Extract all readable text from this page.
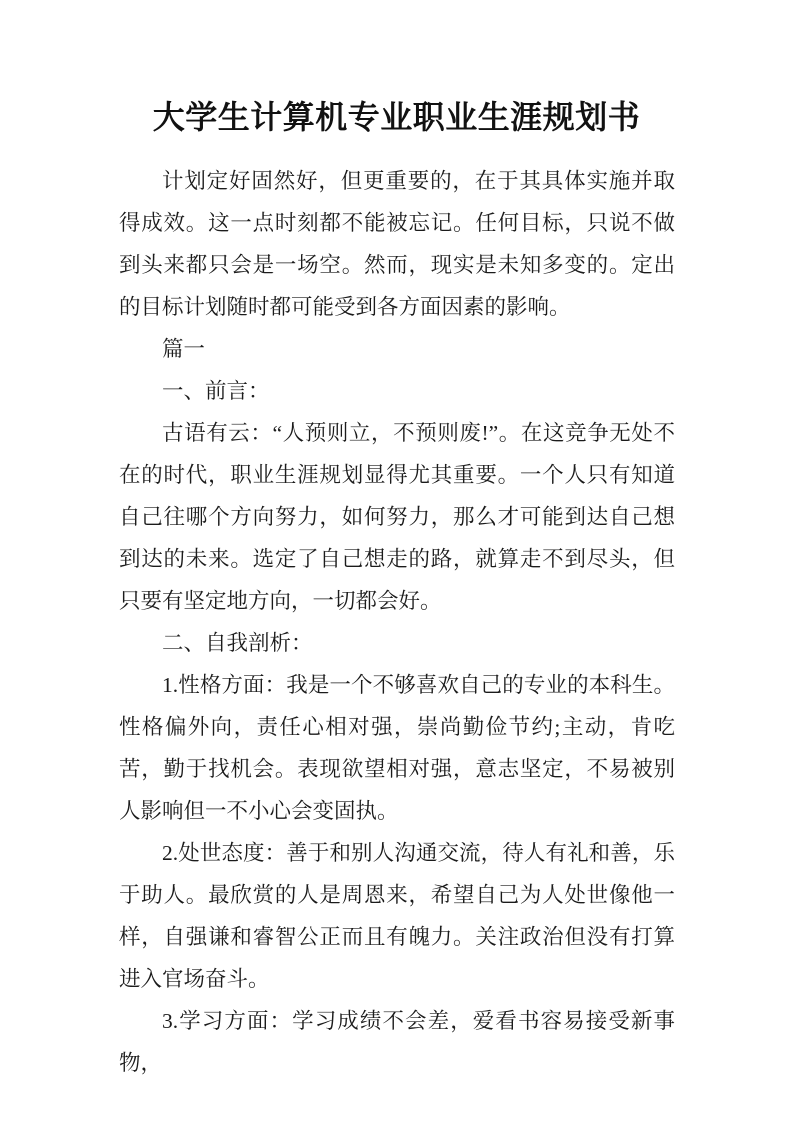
大学生计算机专业职业生涯规划书

计划定好固然好，但更重要的，在于其具体实施并取得成效。这一点时刻都不能被忘记。任何目标，只说不做到头来都只会是一场空。然而，现实是未知多变的。定出的目标计划随时都可能受到各方面因素的影响。

篇一

一、前言：

古语有云：“人预则立，不预则废!”。在这竞争无处不在的时代，职业生涯规划显得尤其重要。一个人只有知道自己往哪个方向努力，如何努力，那么才可能到达自己想到达的未来。选定了自己想走的路，就算走不到尽头，但只要有坚定地方向，一切都会好。

二、自我剖析：

1.性格方面：我是一个不够喜欢自己的专业的本科生。性格偏外向，责任心相对强，崇尚勤俭节约;主动，肯吃苦，勤于找机会。表现欲望相对强，意志坚定，不易被别人影响但一不小心会变固执。

2.处世态度：善于和别人沟通交流，待人有礼和善，乐于助人。最欣赏的人是周恩来，希望自己为人处世像他一样，自强谦和睿智公正而且有魄力。关注政治但没有打算进入官场奋斗。

3.学习方面：学习成绩不会差，爱看书容易接受新事物，
